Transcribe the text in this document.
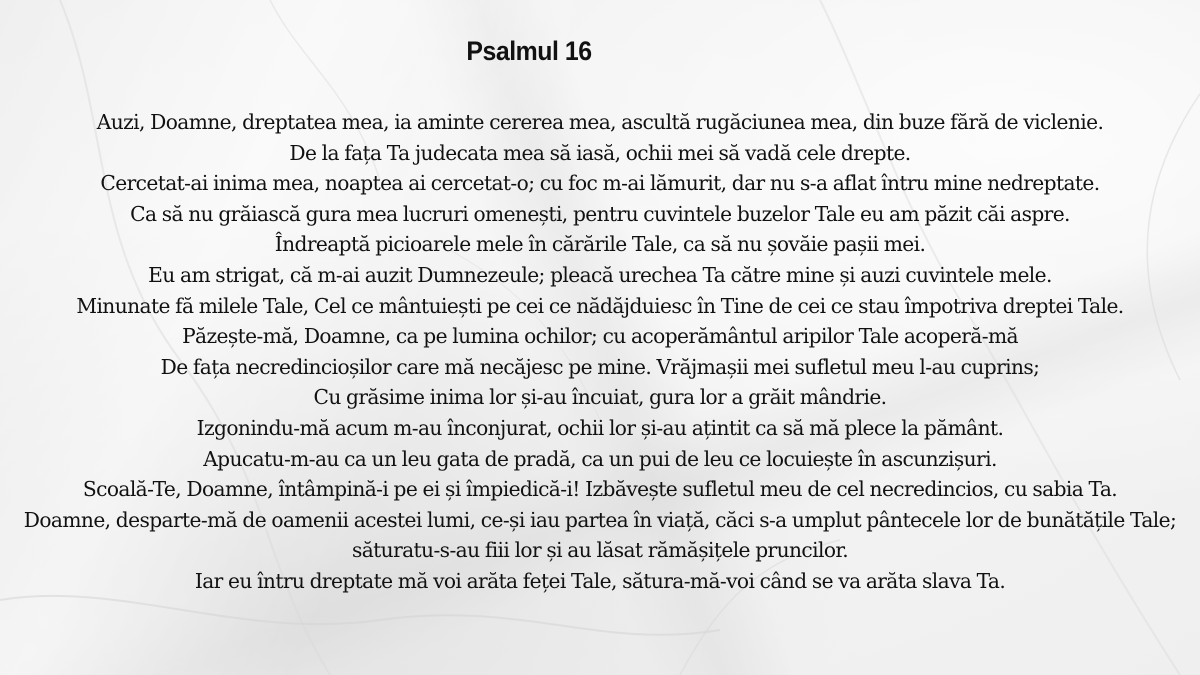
Psalmul 16
Auzi, Doamne, dreptatea mea, ia aminte cererea mea, ascultă rugăciunea mea, din buze fără de viclenie.
De la fața Ta judecata mea să iasă, ochii mei să vadă cele drepte.
Cercetat-ai inima mea, noaptea ai cercetat-o; cu foc m-ai lămurit, dar nu s-a aflat întru mine nedreptate.
Ca să nu grăiască gura mea lucruri omenești, pentru cuvintele buzelor Tale eu am păzit căi aspre.
Îndreaptă picioarele mele în cărările Tale, ca să nu șovăie pașii mei.
Eu am strigat, că m-ai auzit Dumnezeule; pleacă urechea Ta către mine și auzi cuvintele mele.
Minunate fă milele Tale, Cel ce mântuiești pe cei ce nădăjduiesc în Tine de cei ce stau împotriva dreptei Tale.
Păzește-mă, Doamne, ca pe lumina ochilor; cu acoperământul aripilor Tale acoperă-mă
De fața necredincioșilor care mă necăjesc pe mine. Vrăjmașii mei sufletul meu l-au cuprins;
Cu grăsime inima lor și-au încuiat, gura lor a grăit mândrie.
Izgonindu-mă acum m-au înconjurat, ochii lor și-au ațintit ca să mă plece la pământ.
Apucatu-m-au ca un leu gata de pradă, ca un pui de leu ce locuiește în ascunzișuri.
Scoală-Te, Doamne, întâmpină-i pe ei și împiedică-i! Izbăvește sufletul meu de cel necredincios, cu sabia Ta.
Doamne, desparte-mă de oamenii acestei lumi, ce-și iau partea în viață, căci s-a umplut pântecele lor de bunătățile Tale; săturatu-s-au fiii lor și au lăsat rămășițele pruncilor.
Iar eu întru dreptate mă voi arăta feței Tale, sătura-mă-voi când se va arăta slava Ta.
